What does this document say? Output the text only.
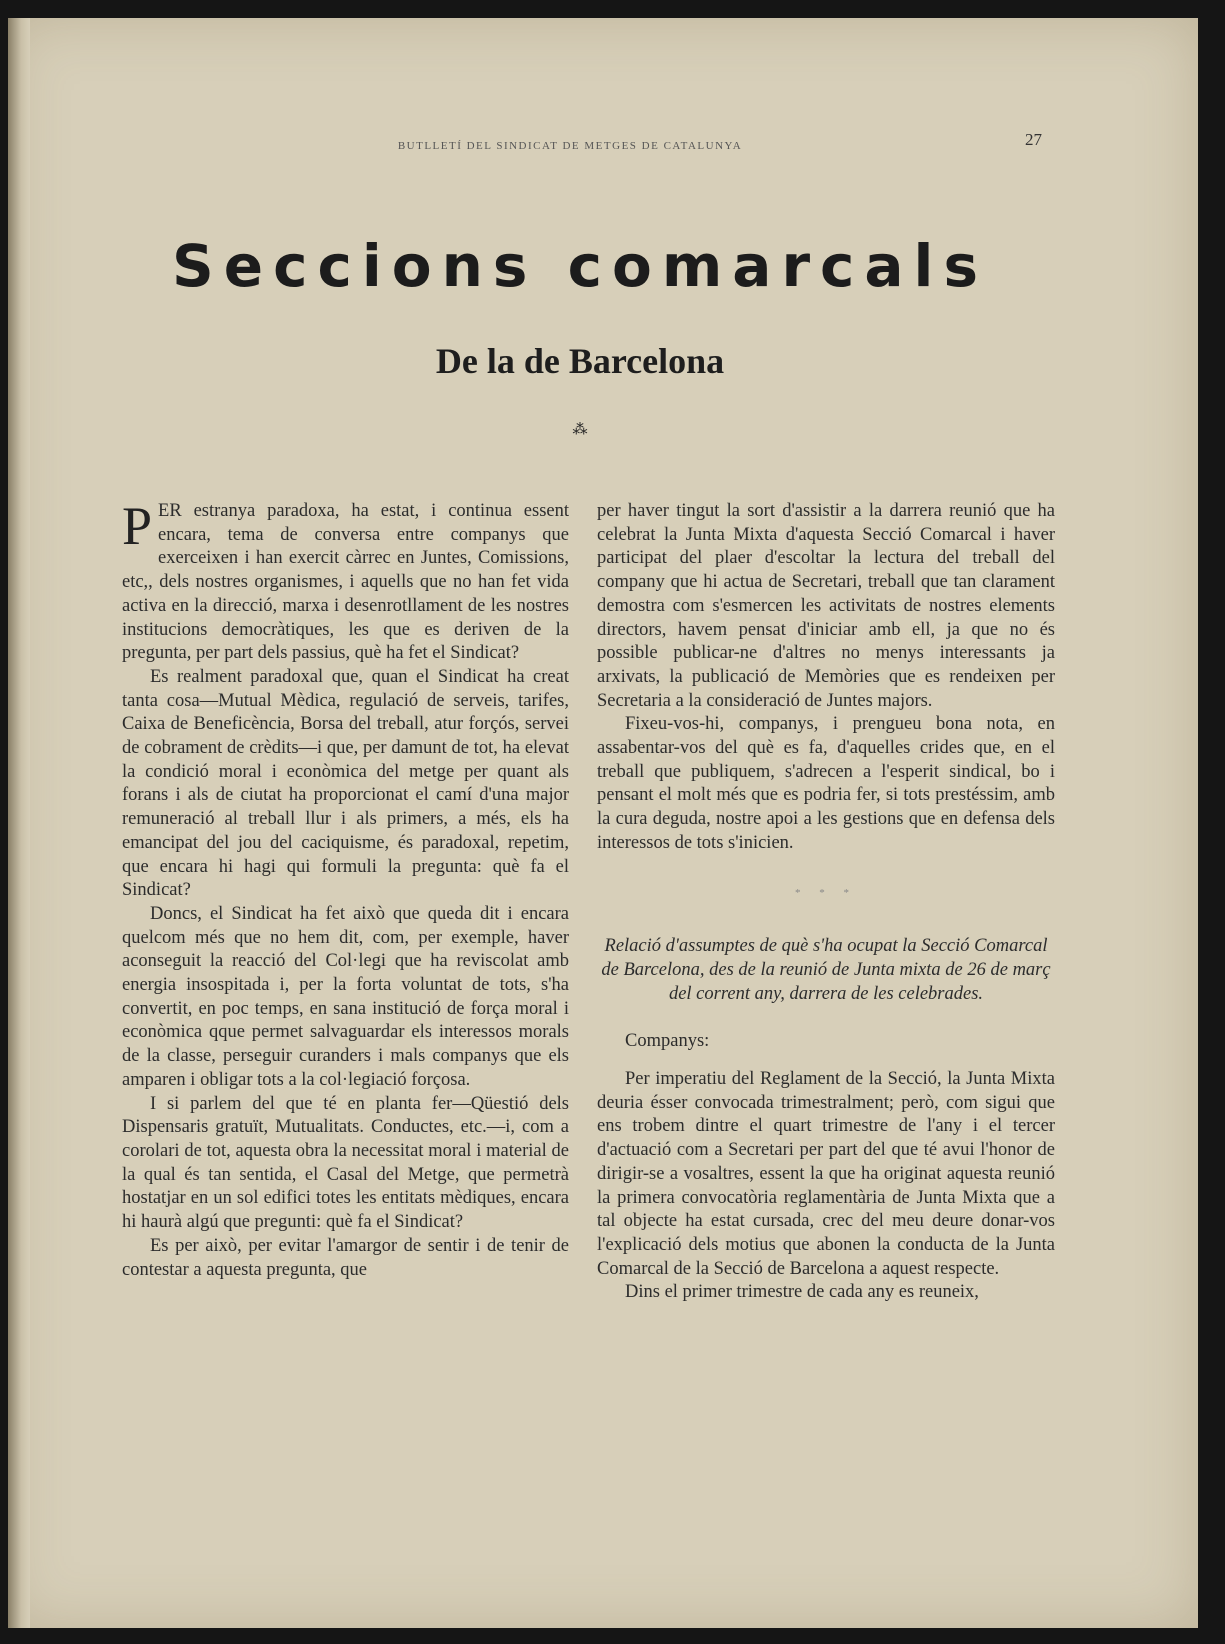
BUTLLETÍ DEL SINDICAT DE METGES DE CATALUNYA	27
Seccions comarcals
De la de Barcelona
⁂

PER estranya paradoxa, ha estat, i continua essent encara, tema de conversa entre companys que exerceixen i han exercit càrrec en Juntes, Comissions, etc,, dels nostres organismes, i aquells que no han fet vida activa en la direcció, marxa i desenrotllament de les nostres institucions democràtiques, les que es deriven de la pregunta, per part dels passius, què ha fet el Sindicat?

Es realment paradoxal que, quan el Sindicat ha creat tanta cosa—Mutual Mèdica, regulació de serveis, tarifes, Caixa de Beneficència, Borsa del treball, atur forçós, servei de cobrament de crèdits—i que, per damunt de tot, ha elevat la condició moral i econòmica del metge per quant als forans i als de ciutat ha proporcionat el camí d'una major remuneració al treball llur i als primers, a més, els ha emancipat del jou del caciquisme, és paradoxal, repetim, que encara hi hagi qui formuli la pregunta: què fa el Sindicat?

Doncs, el Sindicat ha fet això que queda dit i encara quelcom més que no hem dit, com, per exemple, haver aconseguit la reacció del Col·legi que ha reviscolat amb energia insospitada i, per la forta voluntat de tots, s'ha convertit, en poc temps, en sana institució de força moral i econòmica qque permet salvaguardar els interessos morals de la classe, perseguir curanders i mals companys que els amparen i obligar tots a la col·legiació forçosa.

I si parlem del que té en planta fer—Qüestió dels Dispensaris gratuït, Mutualitats. Conductes, etc.—i, com a corolari de tot, aquesta obra la necessitat moral i material de la qual és tan sentida, el Casal del Metge, que permetrà hostatjar en un sol edifici totes les entitats mèdiques, encara hi haurà algú que pregunti: què fa el Sindicat?

Es per això, per evitar l'amargor de sentir i de tenir de contestar a aquesta pregunta, que

per haver tingut la sort d'assistir a la darrera reunió que ha celebrat la Junta Mixta d'aquesta Secció Comarcal i haver participat del plaer d'escoltar la lectura del treball del company que hi actua de Secretari, treball que tan clarament demostra com s'esmercen les activitats de nostres elements directors, havem pensat d'iniciar amb ell, ja que no és possible publicar-ne d'altres no menys interessants ja arxivats, la publicació de Memòries que es rendeixen per Secretaria a la consideració de Juntes majors.

Fixeu-vos-hi, companys, i prengueu bona nota, en assabentar-vos del què es fa, d'aquelles crides que, en el treball que publiquem, s'adrecen a l'esperit sindical, bo i pensant el molt més que es podria fer, si tots prestéssim, amb la cura deguda, nostre apoi a les gestions que en defensa dels interessos de tots s'inicien.

* * *
Relació d'assumptes de què s'ha ocupat la Secció Comarcal de Barcelona, des de la reunió de Junta mixta de 26 de març del corrent any, darrera de les celebrades.

Companys:

Per imperatiu del Reglament de la Secció, la Junta Mixta deuria ésser convocada trimestralment; però, com sigui que ens trobem dintre el quart trimestre de l'any i el tercer d'actuació com a Secretari per part del que té avui l'honor de dirigir-se a vosaltres, essent la que ha originat aquesta reunió la primera convocatòria reglamentària de Junta Mixta que a tal objecte ha estat cursada, crec del meu deure donar-vos l'explicació dels motius que abonen la conducta de la Junta Comarcal de la Secció de Barcelona a aquest respecte.

Dins el primer trimestre de cada any es reuneix,
